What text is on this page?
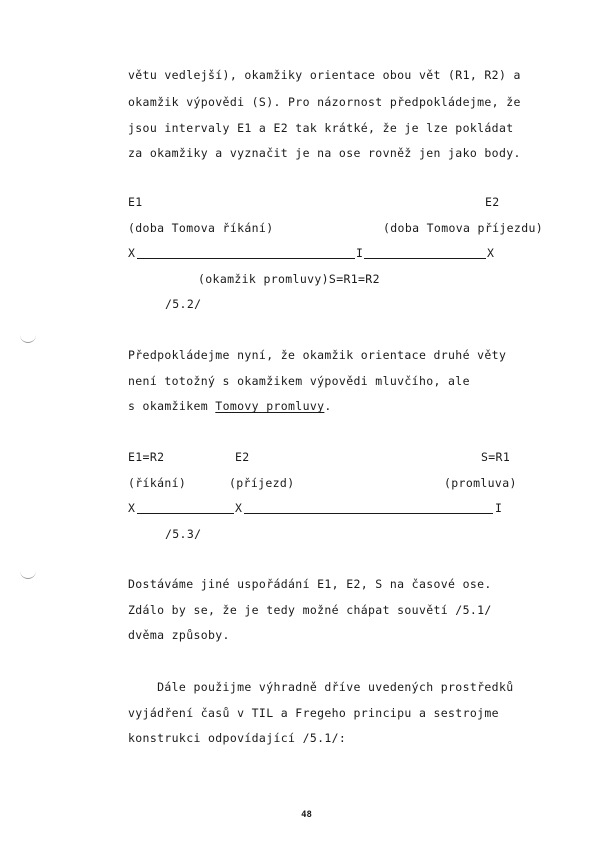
větu vedlejší), okamžiky orientace obou vět (R1, R2) a
okamžik výpovědi (S). Pro názornost předpokládejme, že
jsou intervaly E1 a E2 tak krátké, že je lze pokládat
za okamžiky a vyznačit je na ose rovněž jen jako body.
E1	E2
(doba Tomova říkání)	(doba Tomova příjezdu)
X	I	X
(okamžik promluvy)S=R1=R2
/5.2/
Předpokládejme nyní, že okamžik orientace druhé věty
není totožný s okamžikem výpovědi mluvčího, ale
s okamžikem Tomovy promluvy.
E1=R2	E2	S=R1
(říkání)	(příjezd)	(promluva)
X	X	I
/5.3/
Dostáváme jiné uspořádání E1, E2, S na časové ose.
Zdálo by se, že je tedy možné chápat souvětí /5.1/
dvěma způsoby.
Dále použijme výhradně dříve uvedených prostředků
vyjádření časů v TIL a Fregeho principu a sestrojme
konstrukci odpovídající /5.1/:
48
